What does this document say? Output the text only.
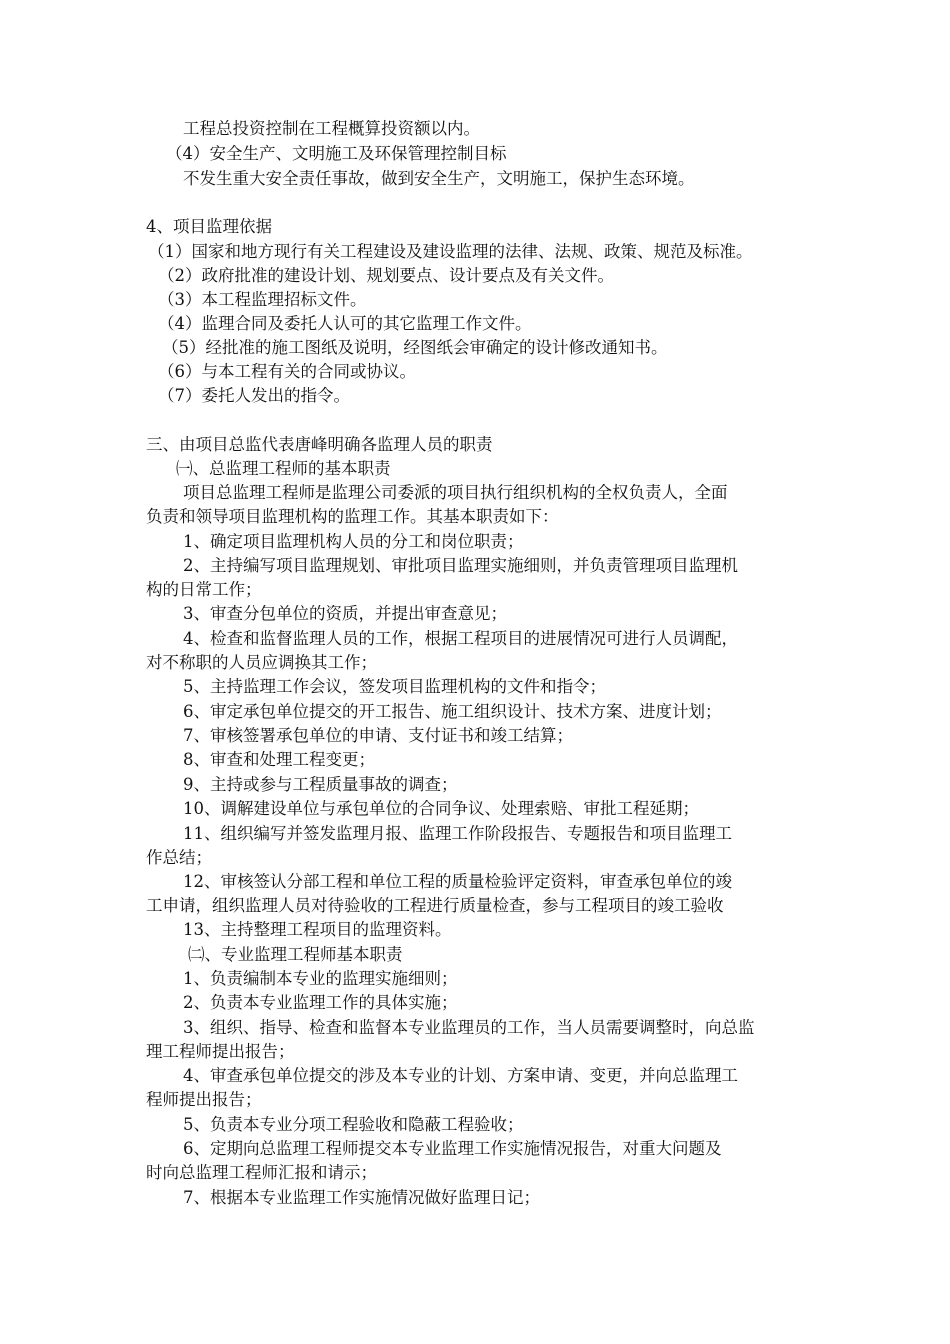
工程总投资控制在工程概算投资额以内。
（4）安全生产、文明施工及环保管理控制目标
不发生重大安全责任事故，做到安全生产，文明施工，保护生态环境。
4、项目监理依据
（1）国家和地方现行有关工程建设及建设监理的法律、法规、政策、规范及标准。
（2）政府批准的建设计划、规划要点、设计要点及有关文件。
（3）本工程监理招标文件。
（4）监理合同及委托人认可的其它监理工作文件。
（5）经批准的施工图纸及说明，经图纸会审确定的设计修改通知书。
（6）与本工程有关的合同或协议。
（7）委托人发出的指令。
三、由项目总监代表唐峰明确各监理人员的职责
㈠、总监理工程师的基本职责
项目总监理工程师是监理公司委派的项目执行组织机构的全权负责人，全面
负责和领导项目监理机构的监理工作。其基本职责如下：
1、确定项目监理机构人员的分工和岗位职责；
2、主持编写项目监理规划、审批项目监理实施细则，并负责管理项目监理机
构的日常工作；
3、审查分包单位的资质，并提出审查意见；
4、检查和监督监理人员的工作，根据工程项目的进展情况可进行人员调配，
对不称职的人员应调换其工作；
5、主持监理工作会议，签发项目监理机构的文件和指令；
6、审定承包单位提交的开工报告、施工组织设计、技术方案、进度计划；
7、审核签署承包单位的申请、支付证书和竣工结算；
8、审查和处理工程变更；
9、主持或参与工程质量事故的调查；
10、调解建设单位与承包单位的合同争议、处理索赔、审批工程延期；
11、组织编写并签发监理月报、监理工作阶段报告、专题报告和项目监理工
作总结；
12、审核签认分部工程和单位工程的质量检验评定资料，审查承包单位的竣
工申请，组织监理人员对待验收的工程进行质量检查，参与工程项目的竣工验收
13、主持整理工程项目的监理资料。
㈡、专业监理工程师基本职责
1、负责编制本专业的监理实施细则；
2、负责本专业监理工作的具体实施；
3、组织、指导、检查和监督本专业监理员的工作，当人员需要调整时，向总监
理工程师提出报告；
4、审查承包单位提交的涉及本专业的计划、方案申请、变更，并向总监理工
程师提出报告；
5、负责本专业分项工程验收和隐蔽工程验收；
6、定期向总监理工程师提交本专业监理工作实施情况报告，对重大问题及
时向总监理工程师汇报和请示；
7、根据本专业监理工作实施情况做好监理日记；
